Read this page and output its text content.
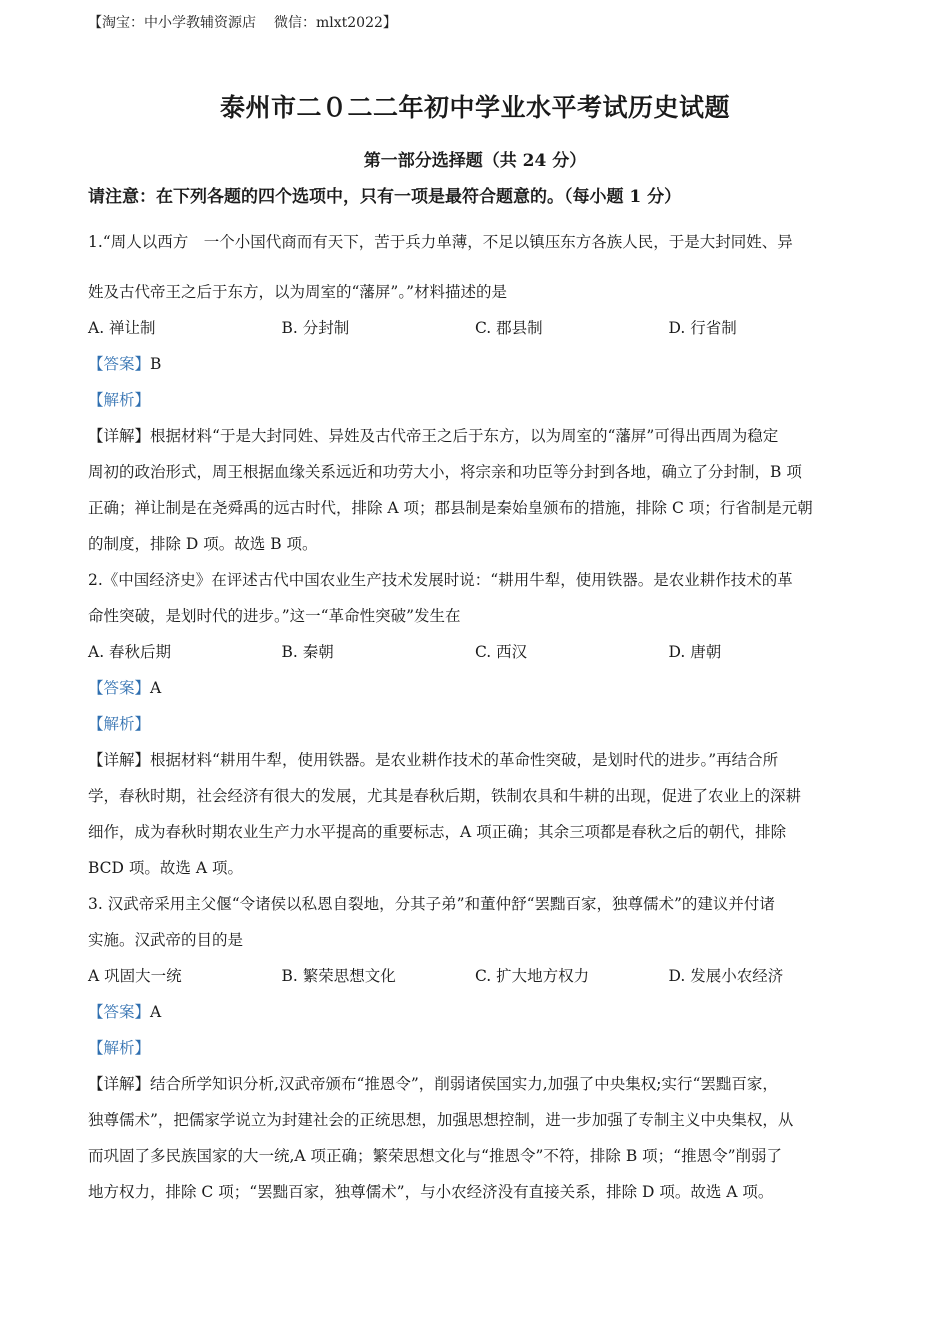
【淘宝：中小学教辅资源店 微信：mlxt2022】
泰州市二０二二年初中学业水平考试历史试题
第一部分选择题（共 24 分）
请注意：在下列各题的四个选项中，只有一项是最符合题意的。（每小题 1 分）

1.“周人以西方　一个小国代商而有天下，苦于兵力单薄，不足以镇压东方各族人民，于是大封同姓、异
姓及古代帝王之后于东方，以为周室的“藩屏”。”材料描述的是

A. 禅让制	B. 分封制	C. 郡县制	D. 行省制
【答案】B
【解析】
【详解】根据材料“于是大封同姓、异姓及古代帝王之后于东方，以为周室的“藩屏”可得出西周为稳定
周初的政治形式，周王根据血缘关系远近和功劳大小，将宗亲和功臣等分封到各地，确立了分封制，B 项
正确；禅让制是在尧舜禹的远古时代，排除 A 项；郡县制是秦始皇颁布的措施，排除 C 项；行省制是元朝
的制度，排除 D 项。故选 B 项。

2.《中国经济史》在评述古代中国农业生产技术发展时说：“耕用牛犁，使用铁器。是农业耕作技术的革
命性突破，是划时代的进步。”这一“革命性突破”发生在

A. 春秋后期	B. 秦朝	C. 西汉	D. 唐朝
【答案】A
【解析】
【详解】根据材料“耕用牛犁，使用铁器。是农业耕作技术的革命性突破，是划时代的进步。”再结合所
学，春秋时期，社会经济有很大的发展，尤其是春秋后期，铁制农具和牛耕的出现，促进了农业上的深耕
细作，成为春秋时期农业生产力水平提高的重要标志，A 项正确；其余三项都是春秋之后的朝代，排除
BCD 项。故选 A 项。

3. 汉武帝采用主父偃“令诸侯以私恩自裂地，分其子弟”和董仲舒“罢黜百家，独尊儒术”的建议并付诸
实施。汉武帝的目的是

A 巩固大一统	B. 繁荣思想文化	C. 扩大地方权力	D. 发展小农经济
【答案】A
【解析】
【详解】结合所学知识分析,汉武帝颁布“推恩令”，削弱诸侯国实力,加强了中央集权;实行“罢黜百家，
独尊儒术”，把儒家学说立为封建社会的正统思想，加强思想控制，进一步加强了专制主义中央集权，从
而巩固了多民族国家的大一统,A 项正确；繁荣思想文化与“推恩令”不符，排除 B 项；“推恩令”削弱了
地方权力，排除 C 项；“罢黜百家，独尊儒术”，与小农经济没有直接关系，排除 D 项。故选 A 项。
